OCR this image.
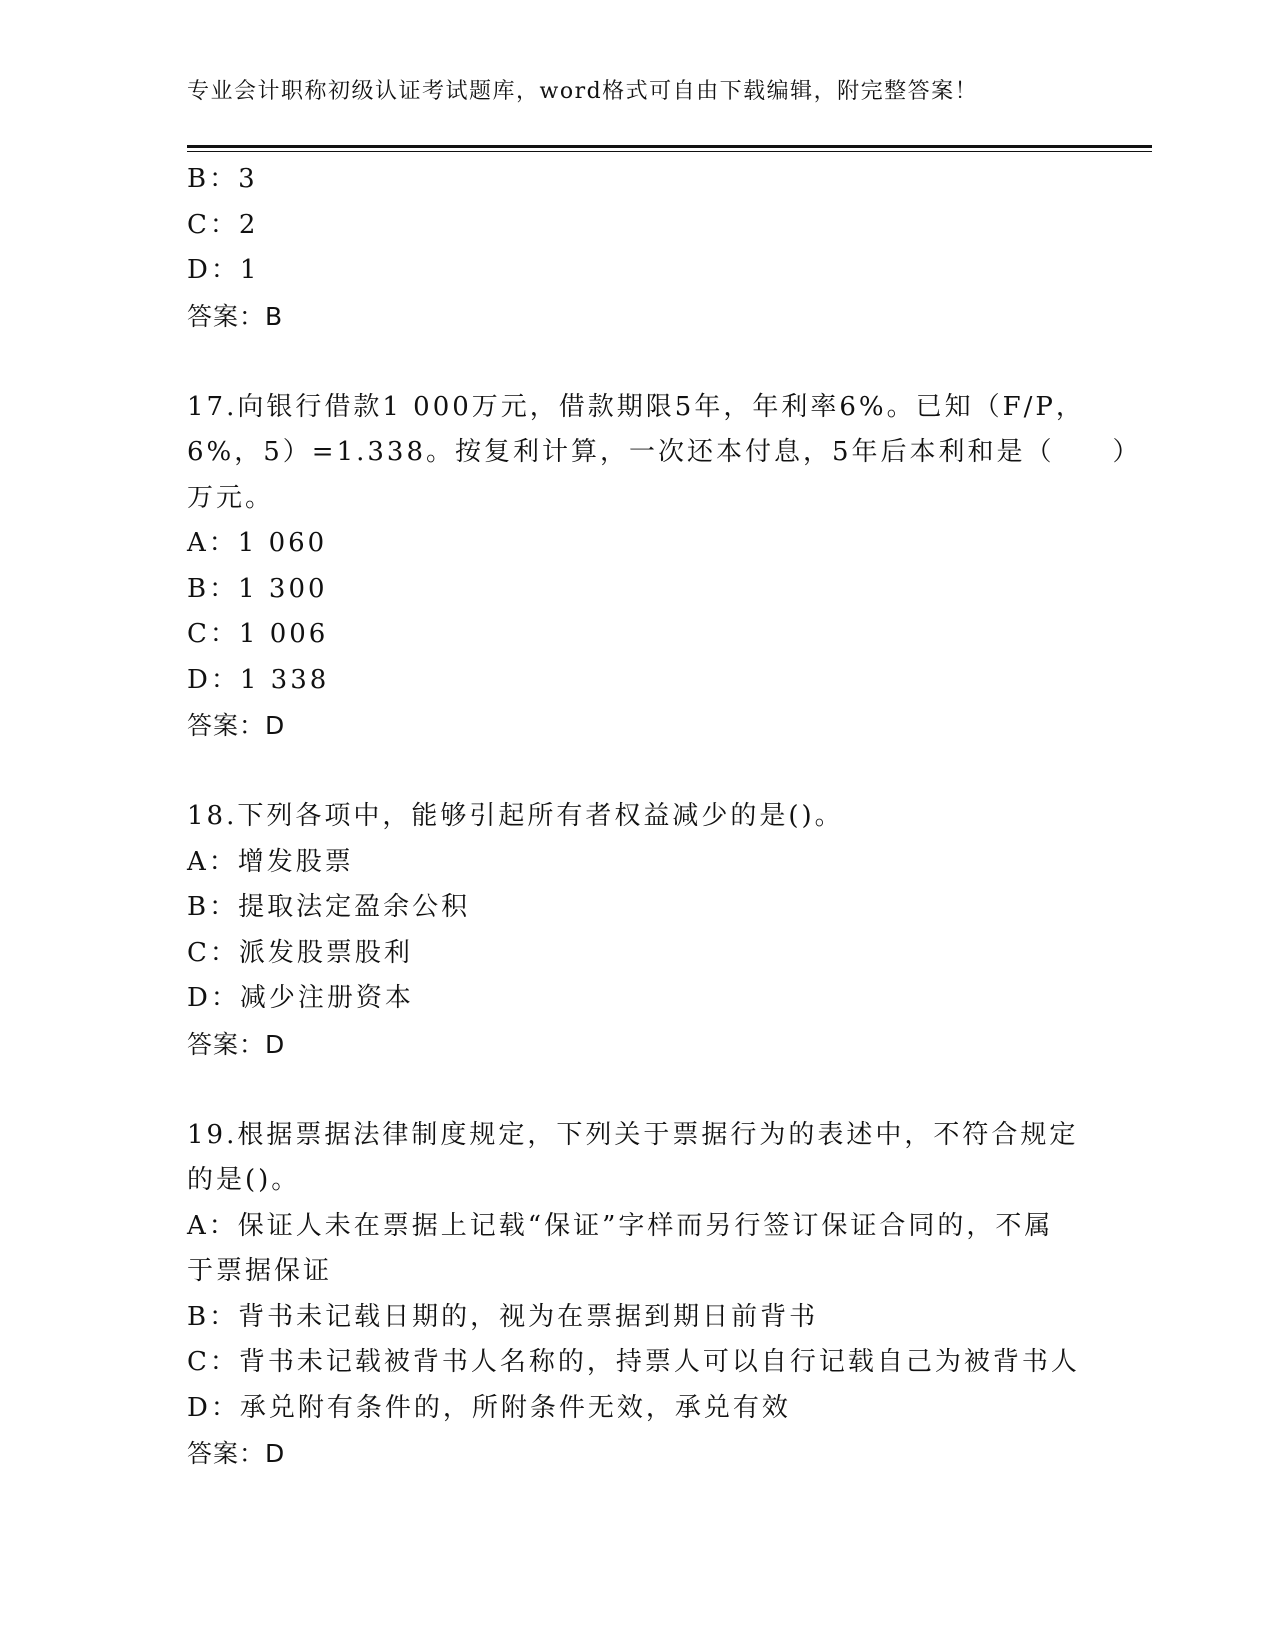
专业会计职称初级认证考试题库，word格式可自由下载编辑，附完整答案！
B：3
C：2
D：1
答案：B
17.向银行借款1 000万元，借款期限5年，年利率6%。已知（F/P，
6%，5）=1.338。按复利计算，一次还本付息，5年后本利和是（　　）
万元。
A：1 060
B：1 300
C：1 006
D：1 338
答案：D
18.下列各项中，能够引起所有者权益减少的是()。
A：增发股票
B：提取法定盈余公积
C：派发股票股利
D：减少注册资本
答案：D
19.根据票据法律制度规定，下列关于票据行为的表述中，不符合规定
的是()。
A：保证人未在票据上记载“保证”字样而另行签订保证合同的，不属
于票据保证
B：背书未记载日期的，视为在票据到期日前背书
C：背书未记载被背书人名称的，持票人可以自行记载自己为被背书人
D：承兑附有条件的，所附条件无效，承兑有效
答案：D
